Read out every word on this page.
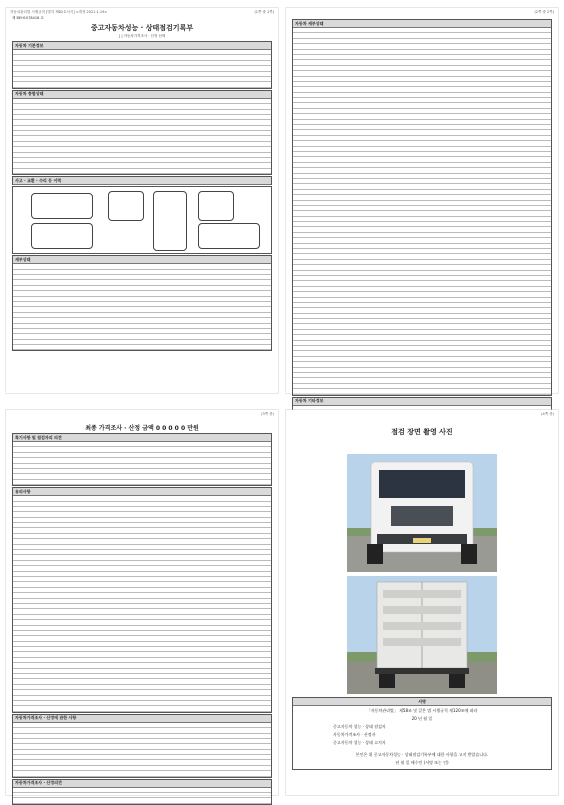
자동차관리법 시행규칙 [별지 제82호서식] <개정 2021.1.19>	(1쪽 중 1쪽)
제 BEH1078418 호
중고자동차성능 · 상태점검기록부
[ ] 자동차가격조사 · 산정 선택
자동차 기본정보
자동차 종합상태
사고 · 교환 · 수리 등 이력
세부상태
(2쪽 중 2쪽)
자동차 세부상태
자동차 기타정보
(3쪽 중)
최종 가격조사 · 산정 금액 0 0 0 0 0 만원
특기사항 및 점검자의 의견
유의사항
자동차가격조사 · 산정에 관한 사항
자동차가격조사 · 산정의견
(4쪽 중)
점검 장면 촬영 사진
서명
「자동차관리법」 제58조 및 같은 법 시행규칙 제120조에 따라
20 년 월 일
중고자동차 성능 · 상태 점검자
자동차가격조사 · 산정자
중고자동차 성능 · 상태 고지자
본인은 위 중고자동차성능 · 상태점검기록부에 대한 사항을 고지 받았습니다.
년 월 일 매수인 (서명 또는 인)
